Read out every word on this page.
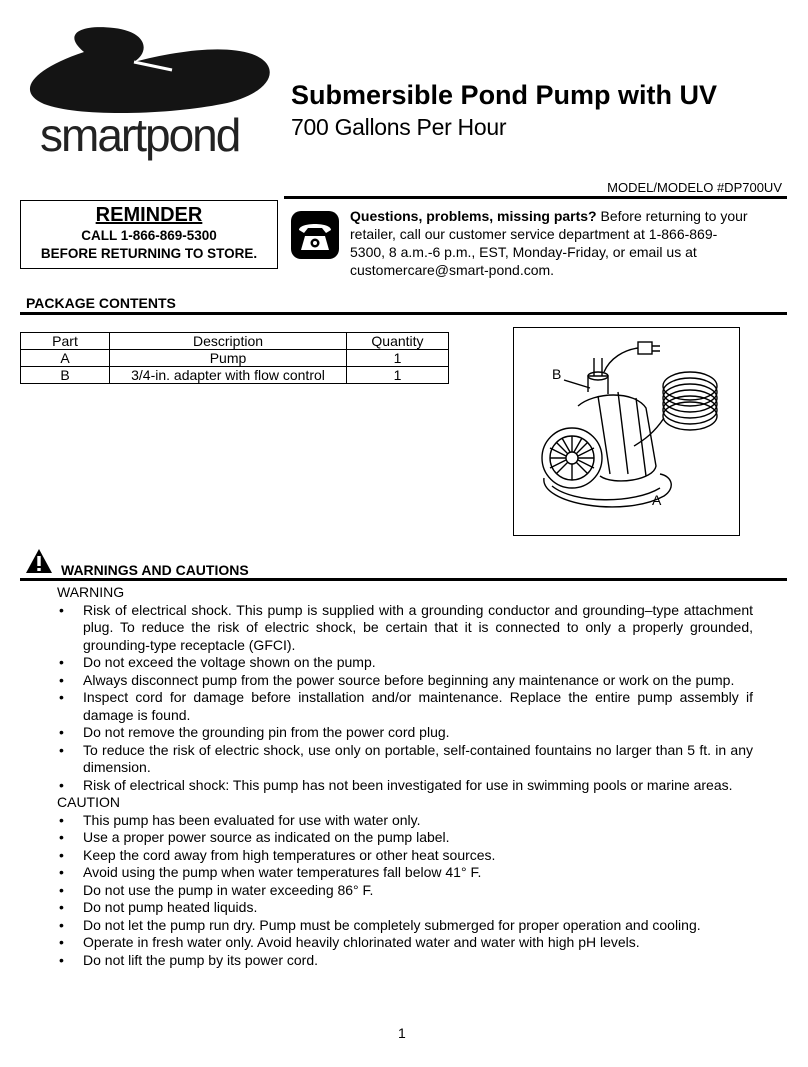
smartpond
Submersible Pond Pump with UV
700 Gallons Per Hour
MODEL/MODELO #DP700UV
REMINDER
CALL 1-866-869-5300
BEFORE RETURNING TO STORE.
Questions, problems, missing parts? Before returning to your retailer, call our customer service department at 1-866-869-5300, 8 a.m.-6 p.m., EST, Monday-Friday, or email us at customercare@smart-pond.com.
PACKAGE CONTENTS
Part	Description	Quantity
A	Pump	1
B	3/4-in. adapter with flow control	1	B
A
WARNINGS AND CAUTIONS

WARNING

• Risk of electrical shock. This pump is supplied with a grounding conductor and grounding–type attachment plug. To reduce the risk of electric shock, be certain that it is connected to only a properly grounded, grounding-type receptacle (GFCI).
• Do not exceed the voltage shown on the pump.
• Always disconnect pump from the power source before beginning any maintenance or work on the pump.
• Inspect cord for damage before installation and/or maintenance. Replace the entire pump assembly if damage is found.
• Do not remove the grounding pin from the power cord plug.
• To reduce the risk of electric shock, use only on portable, self-contained fountains no larger than 5 ft. in any dimension.
• Risk of electrical shock: This pump has not been investigated for use in swimming pools or marine areas.

CAUTION

• This pump has been evaluated for use with water only.
• Use a proper power source as indicated on the pump label.
• Keep the cord away from high temperatures or other heat sources.
• Avoid using the pump when water temperatures fall below 41° F.
• Do not use the pump in water exceeding 86° F.
• Do not pump heated liquids.
• Do not let the pump run dry. Pump must be completely submerged for proper operation and cooling.
• Operate in fresh water only. Avoid heavily chlorinated water and water with high pH levels.
• Do not lift the pump by its power cord.
1
